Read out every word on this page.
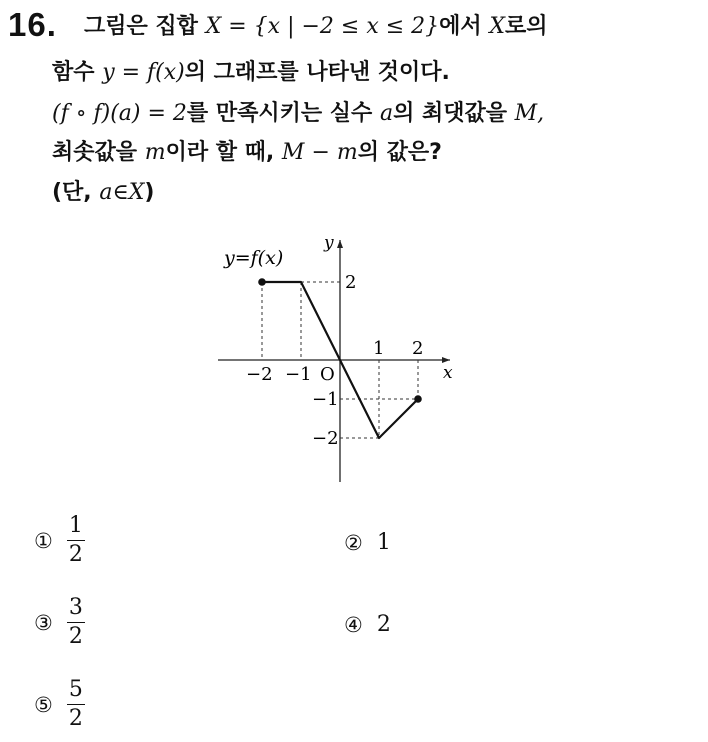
16. 그림은 집합 X = {x | −2 ≤ x ≤ 2}에서 X로의
함수 y = f(x)의 그래프를 나타낸 것이다.
(f ∘ f)(a) = 2를 만족시키는 실수 a의 최댓값을 M,
최솟값을 m이라 할 때, M − m의 값은?
(단, a∈X)
x
y
y=f(x)
O
−2 −1
1 2
2
−1
−2
① $\frac{1}{2}$	② 1
③ $\frac{3}{2}$	④ 2
⑤ $\frac{5}{2}$
